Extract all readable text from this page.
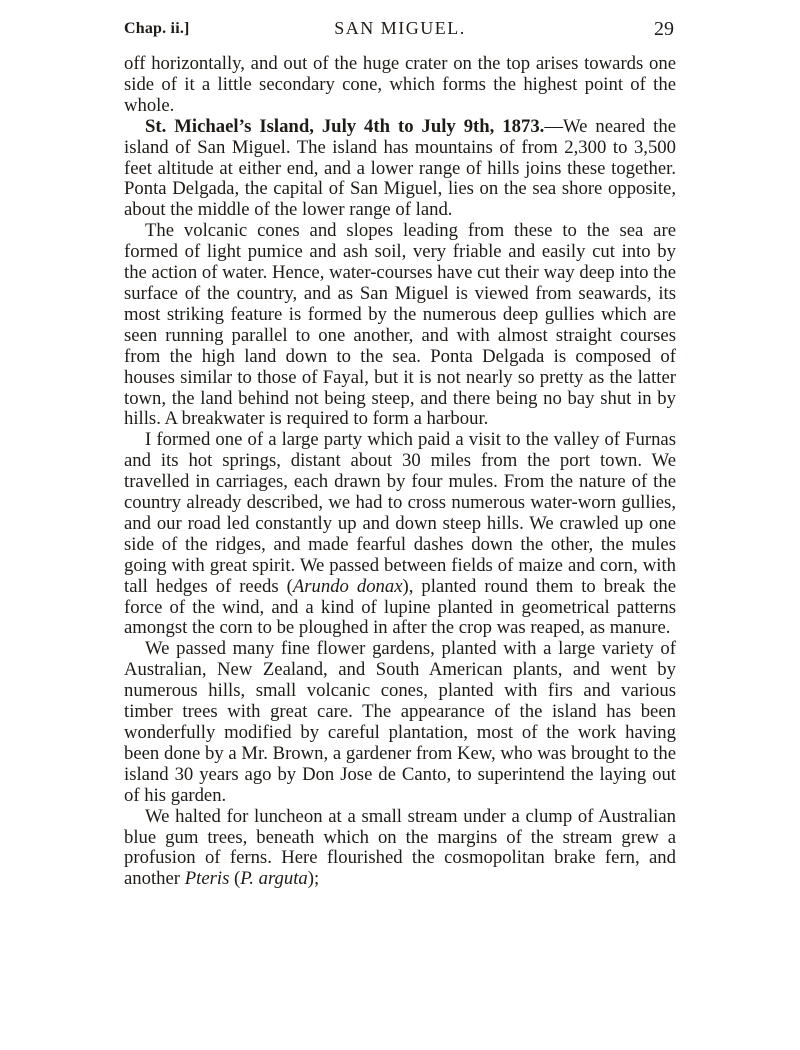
Chap. ii.]	SAN MIGUEL.	29

off horizontally, and out of the huge crater on the top arises towards one side of it a little secondary cone, which forms the highest point of the whole.

St. Michael’s Island, July 4th to July 9th, 1873.—We neared the island of San Miguel. The island has mountains of from 2,300 to 3,500 feet altitude at either end, and a lower range of hills joins these together. Ponta Delgada, the capital of San Miguel, lies on the sea shore opposite, about the middle of the lower range of land.

The volcanic cones and slopes leading from these to the sea are formed of light pumice and ash soil, very friable and easily cut into by the action of water. Hence, water-courses have cut their way deep into the surface of the country, and as San Miguel is viewed from seawards, its most striking feature is formed by the numerous deep gullies which are seen running parallel to one another, and with almost straight courses from the high land down to the sea. Ponta Delgada is composed of houses similar to those of Fayal, but it is not nearly so pretty as the latter town, the land behind not being steep, and there being no bay shut in by hills. A breakwater is required to form a harbour.

I formed one of a large party which paid a visit to the valley of Furnas and its hot springs, distant about 30 miles from the port town. We travelled in carriages, each drawn by four mules. From the nature of the country already described, we had to cross numerous water-worn gullies, and our road led constantly up and down steep hills. We crawled up one side of the ridges, and made fearful dashes down the other, the mules going with great spirit. We passed between fields of maize and corn, with tall hedges of reeds (Arundo donax), planted round them to break the force of the wind, and a kind of lupine planted in geometrical patterns amongst the corn to be ploughed in after the crop was reaped, as manure.

We passed many fine flower gardens, planted with a large variety of Australian, New Zealand, and South American plants, and went by numerous hills, small volcanic cones, planted with firs and various timber trees with great care. The appearance of the island has been wonderfully modified by careful plantation, most of the work having been done by a Mr. Brown, a gardener from Kew, who was brought to the island 30 years ago by Don Jose de Canto, to superintend the laying out of his garden.

We halted for luncheon at a small stream under a clump of Australian blue gum trees, beneath which on the margins of the stream grew a profusion of ferns. Here flourished the cosmopolitan brake fern, and another Pteris (P. arguta);
